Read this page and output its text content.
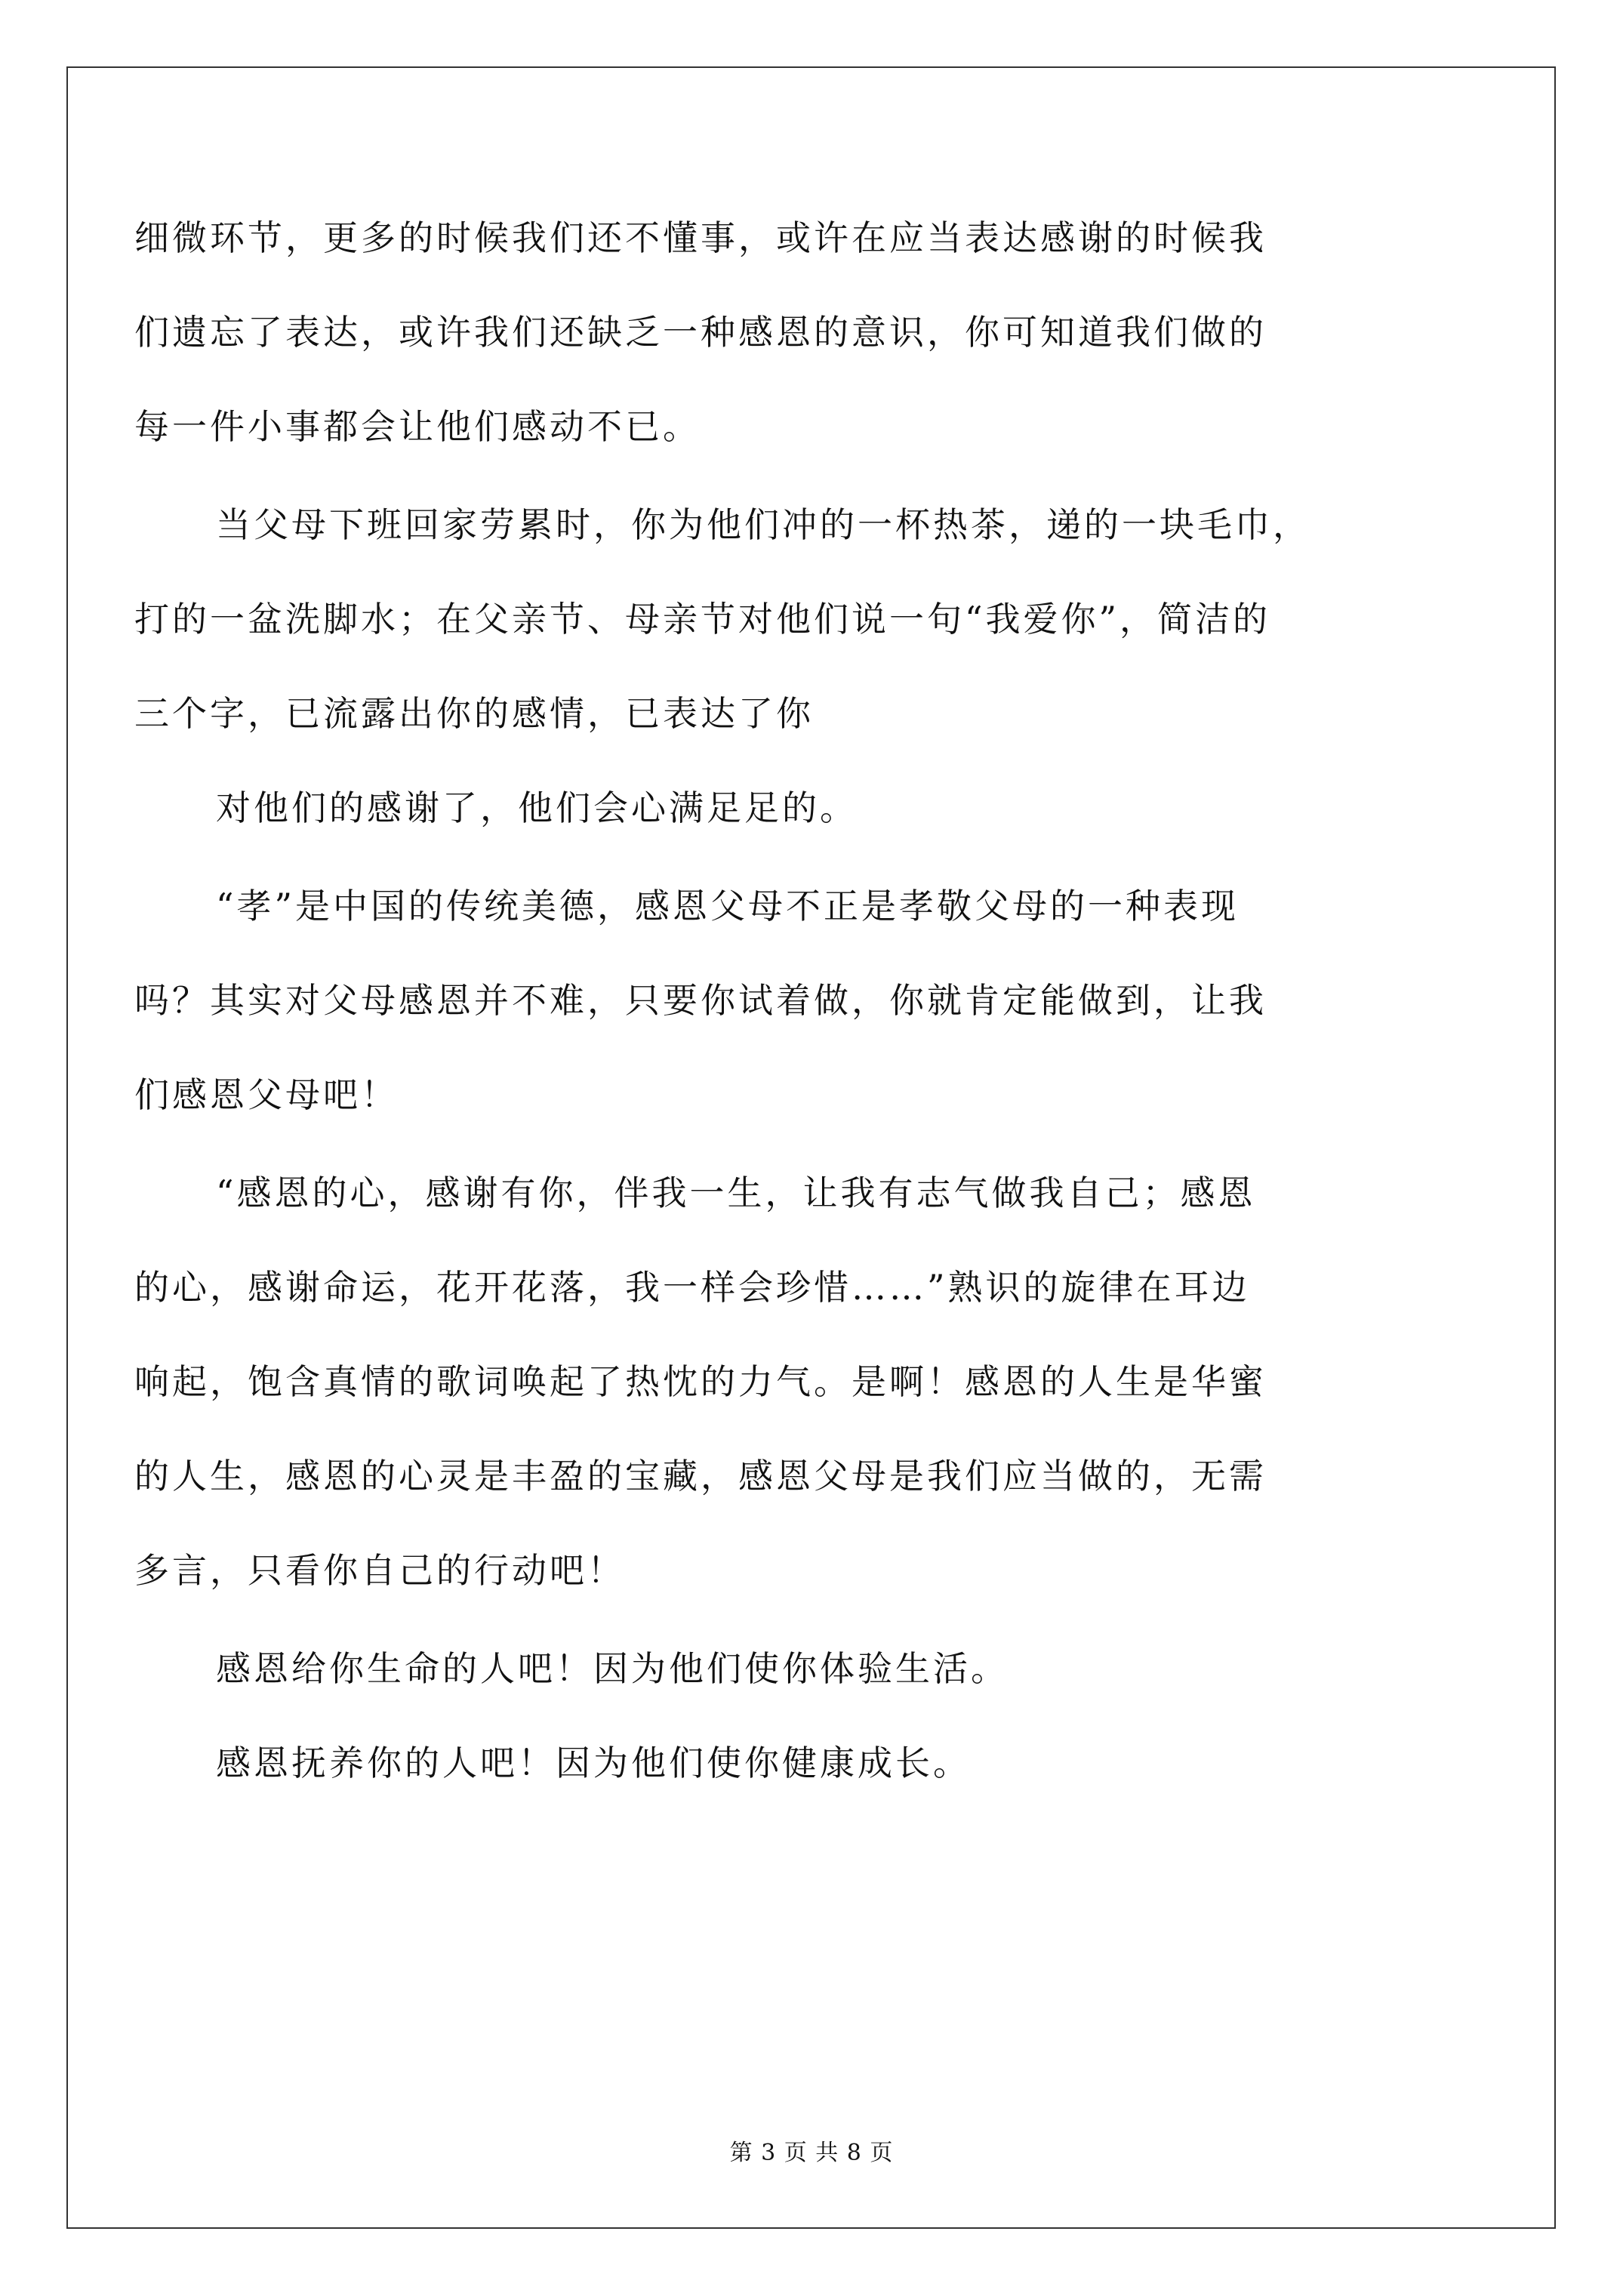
细微环节，更多的时候我们还不懂事，或许在应当表达感谢的时候我
们遗忘了表达，或许我们还缺乏一种感恩的意识，你可知道我们做的
每一件小事都会让他们感动不已。
当父母下班回家劳累时，你为他们冲的一杯热茶，递的一块毛巾，
打的一盆洗脚水；在父亲节、母亲节对他们说一句“我爱你”，简洁的
三个字，已流露出你的感情，已表达了你
对他们的感谢了，他们会心满足足的。
“孝”是中国的传统美德，感恩父母不正是孝敬父母的一种表现
吗？其实对父母感恩并不难，只要你试着做，你就肯定能做到，让我
们感恩父母吧！
“感恩的心，感谢有你，伴我一生，让我有志气做我自己；感恩
的心，感谢命运，花开花落，我一样会珍惜……”熟识的旋律在耳边
响起，饱含真情的歌词唤起了热忱的力气。是啊！感恩的人生是华蜜
的人生，感恩的心灵是丰盈的宝藏，感恩父母是我们应当做的，无需
多言，只看你自己的行动吧！
感恩给你生命的人吧！因为他们使你体验生活。
感恩抚养你的人吧！因为他们使你健康成长。
第 3 页 共 8 页
